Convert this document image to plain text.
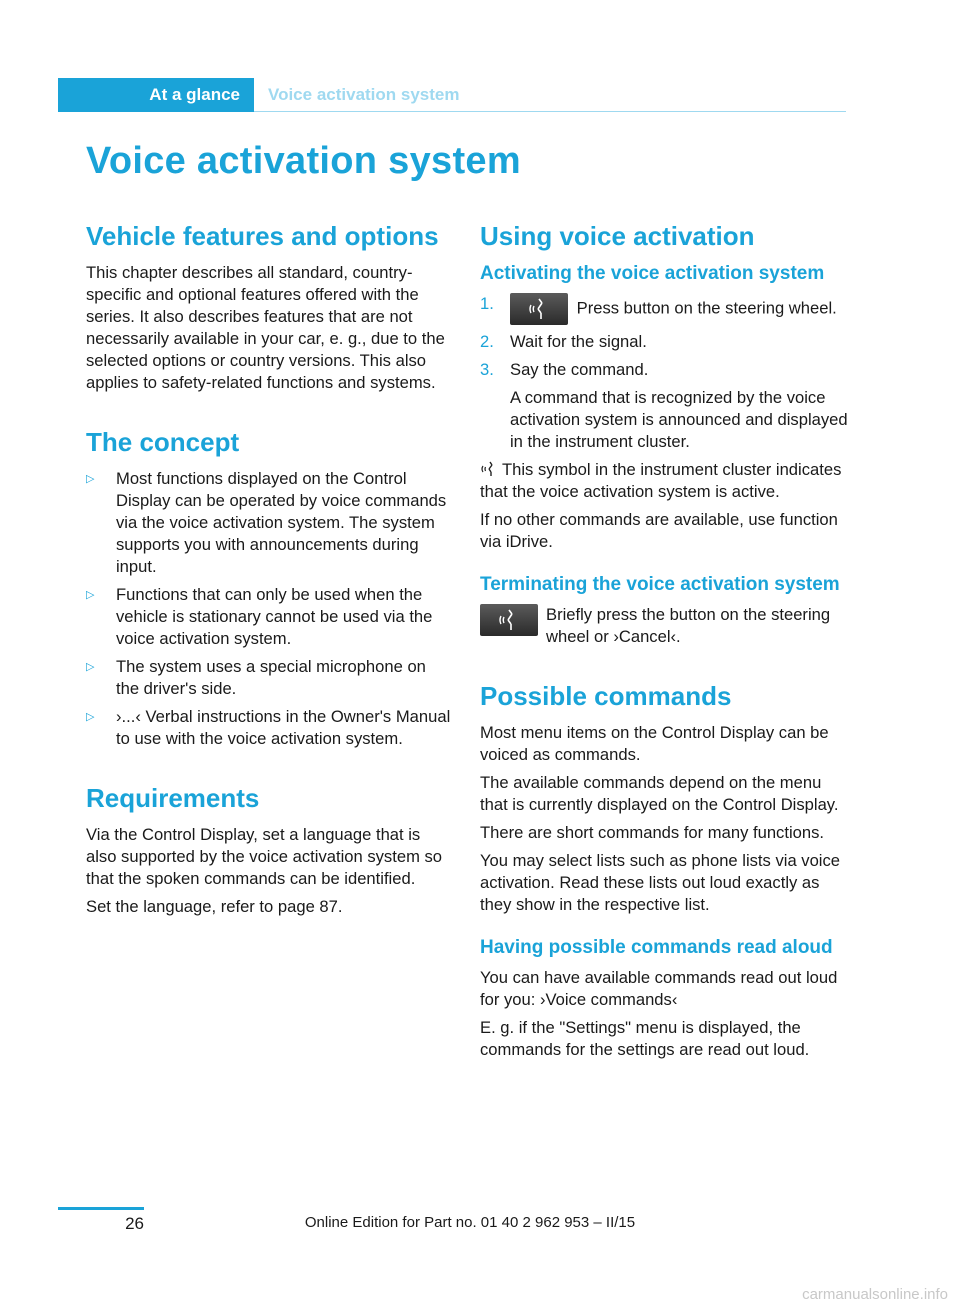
At a glance	Voice activation system
Voice activation system
Vehicle features and options

This chapter describes all standard, country-specific and optional features offered with the series. It also describes features that are not necessarily available in your car, e. g., due to the selected options or country versions. This also applies to safety-related functions and systems.

The concept
▷ Most functions displayed on the Control Display can be operated by voice commands via the voice activation system. The system supports you with announcements during input.
▷ Functions that can only be used when the vehicle is stationary cannot be used via the voice activation system.
▷ The system uses a special microphone on the driver's side.
▷ ›...‹ Verbal instructions in the Owner's Manual to use with the voice activation system.
Requirements

Via the Control Display, set a language that is also supported by the voice activation system so that the spoken commands can be identified.

Set the language, refer to page 87.

Using voice activation
Activating the voice activation system
1.	Press button on the steering wheel.
2. Wait for the signal.
3. Say the command.

A command that is recognized by the voice activation system is announced and displayed in the instrument cluster.

This symbol in the instrument cluster indicates that the voice activation system is active.

If no other commands are available, use function via iDrive.

Terminating the voice activation system

Briefly press the button on the steering wheel or ›Cancel‹.

Possible commands

Most menu items on the Control Display can be voiced as commands.

The available commands depend on the menu that is currently displayed on the Control Display.

There are short commands for many functions.

You may select lists such as phone lists via voice activation. Read these lists out loud exactly as they show in the respective list.

Having possible commands read aloud

You can have available commands read out loud for you: ›Voice commands‹

E. g. if the "Settings" menu is displayed, the commands for the settings are read out loud.

26	Online Edition for Part no. 01 40 2 962 953 – II/15
carmanualsonline.info
